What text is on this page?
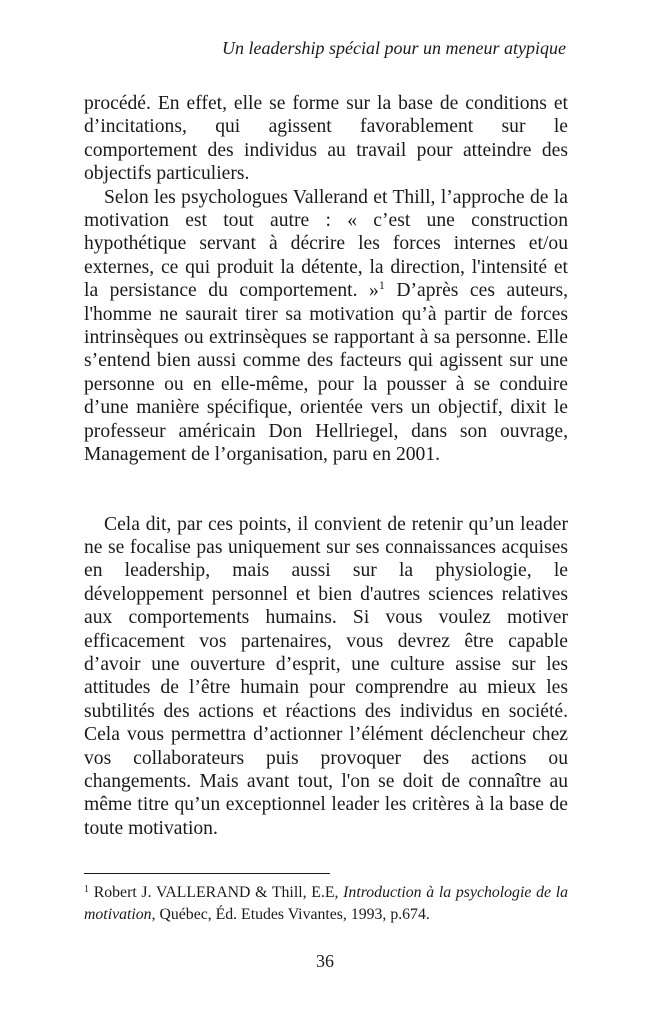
Un leadership spécial pour un meneur atypique

procédé. En effet, elle se forme sur la base de conditions et d’incitations, qui agissent favorablement sur le comportement des individus au travail pour atteindre des objectifs particuliers.

Selon les psychologues Vallerand et Thill, l’approche de la motivation est tout autre : « c’est une construction hypothétique servant à décrire les forces internes et/ou externes, ce qui produit la détente, la direction, l'intensité et la persistance du comportement. »$^1$ D’après ces auteurs, l'homme ne saurait tirer sa motivation qu’à partir de forces intrinsèques ou extrinsèques se rapportant à sa personne. Elle s’entend bien aussi comme des facteurs qui agissent sur une personne ou en elle-même, pour la pousser à se conduire d’une manière spécifique, orientée vers un objectif, dixit le professeur américain Don Hellriegel, dans son ouvrage, Management de l’organisation, paru en 2001.

Cela dit, par ces points, il convient de retenir qu’un leader ne se focalise pas uniquement sur ses connaissances acquises en leadership, mais aussi sur la physiologie, le développement personnel et bien d'autres sciences relatives aux comportements humains. Si vous voulez motiver efficacement vos partenaires, vous devrez être capable d’avoir une ouverture d’esprit, une culture assise sur les attitudes de l’être humain pour comprendre au mieux les subtilités des actions et réactions des individus en société. Cela vous permettra d’actionner l’élément déclencheur chez vos collaborateurs puis provoquer des actions ou changements. Mais avant tout, l'on se doit de connaître au même titre qu’un exceptionnel leader les critères à la base de toute motivation.

$^1$ Robert J. VALLERAND & Thill, E.E, Introduction à la psychologie de la motivation, Québec, Éd. Etudes Vivantes, 1993, p.674.

36
